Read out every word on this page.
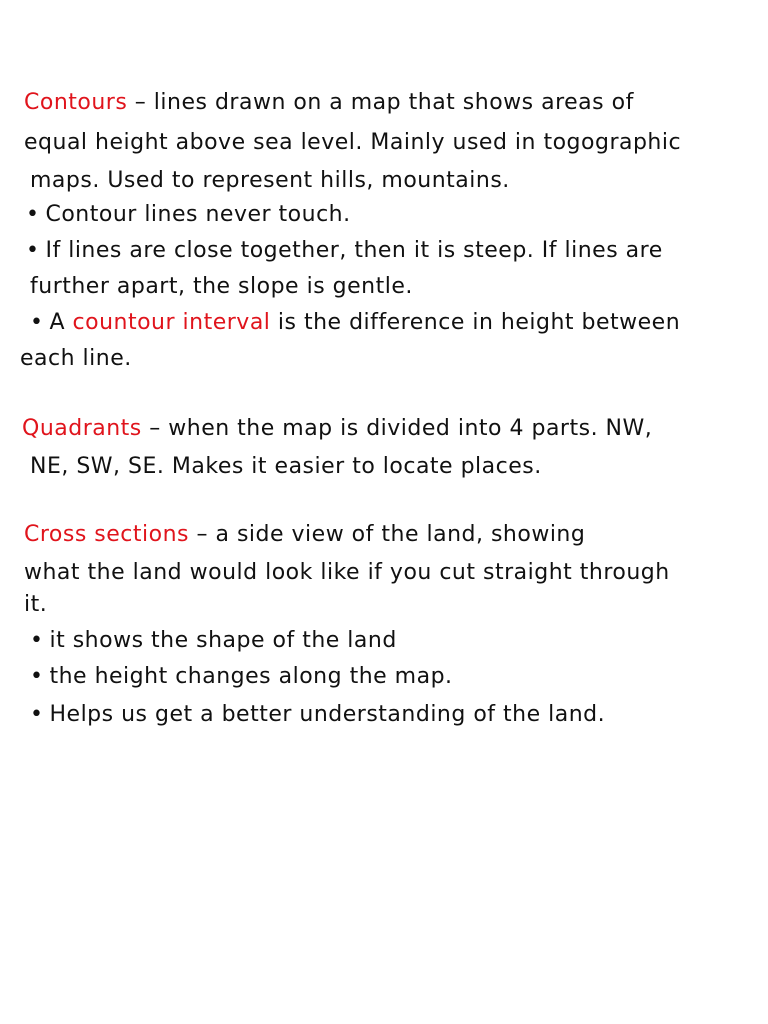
Contours – lines drawn on a map that shows areas of
equal height above sea level. Mainly used in togographic
maps. Used to represent hills, mountains.
• Contour lines never touch.
• If lines are close together, then it is steep. If lines are
further apart, the slope is gentle.
• A countour interval is the difference in height between
each line.
Quadrants – when the map is divided into 4 parts. NW,
NE, SW, SE. Makes it easier to locate places.
Cross sections – a side view of the land, showing
what the land would look like if you cut straight through
it.
• it shows the shape of the land
• the height changes along the map.
• Helps us get a better understanding of the land.
